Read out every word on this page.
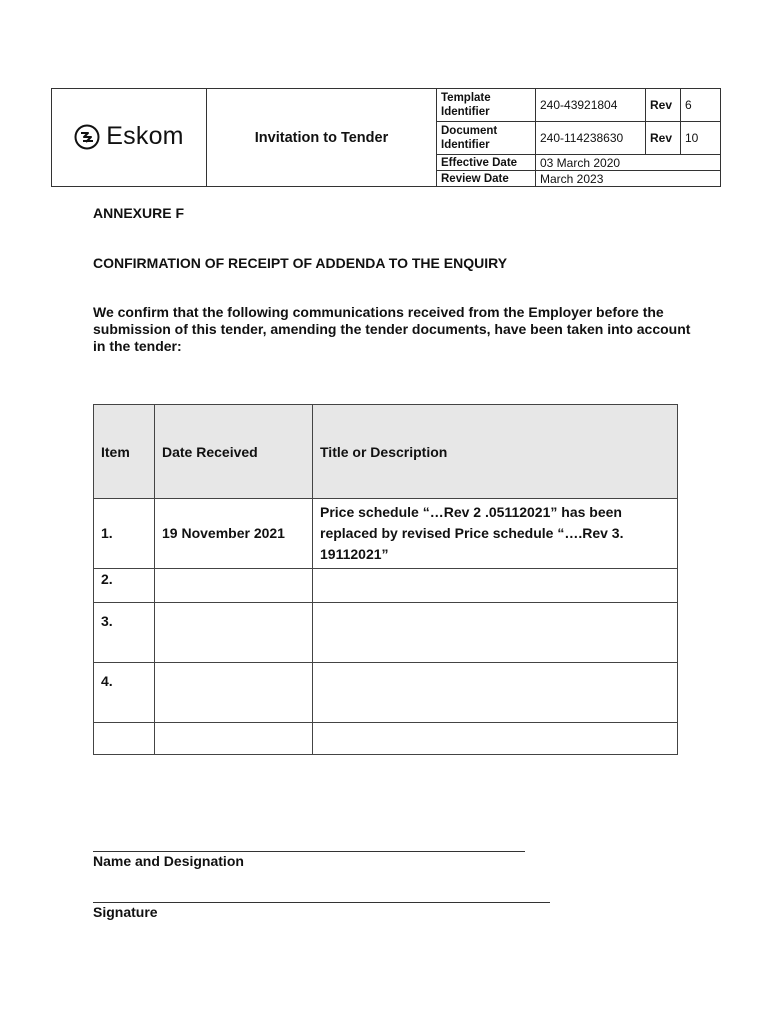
Eskom	Invitation to Tender	Template Identifier	240-43921804	Rev	6
		Document Identifier	240-114238630	Rev	10
		Effective Date	03 March 2020		
		Review Date	March 2023		
ANNEXURE F
CONFIRMATION OF RECEIPT OF ADDENDA TO THE ENQUIRY
We confirm that the following communications received from the Employer before the submission of this tender, amending the tender documents, have been taken into account in the tender:
Item	Date Received	Title or Description
1.	19 November 2021	Price schedule “…Rev 2 .05112021” has been replaced by revised Price schedule “….Rev 3. 19112021”
2.		
3.		
4.		

Name and Designation
Signature
